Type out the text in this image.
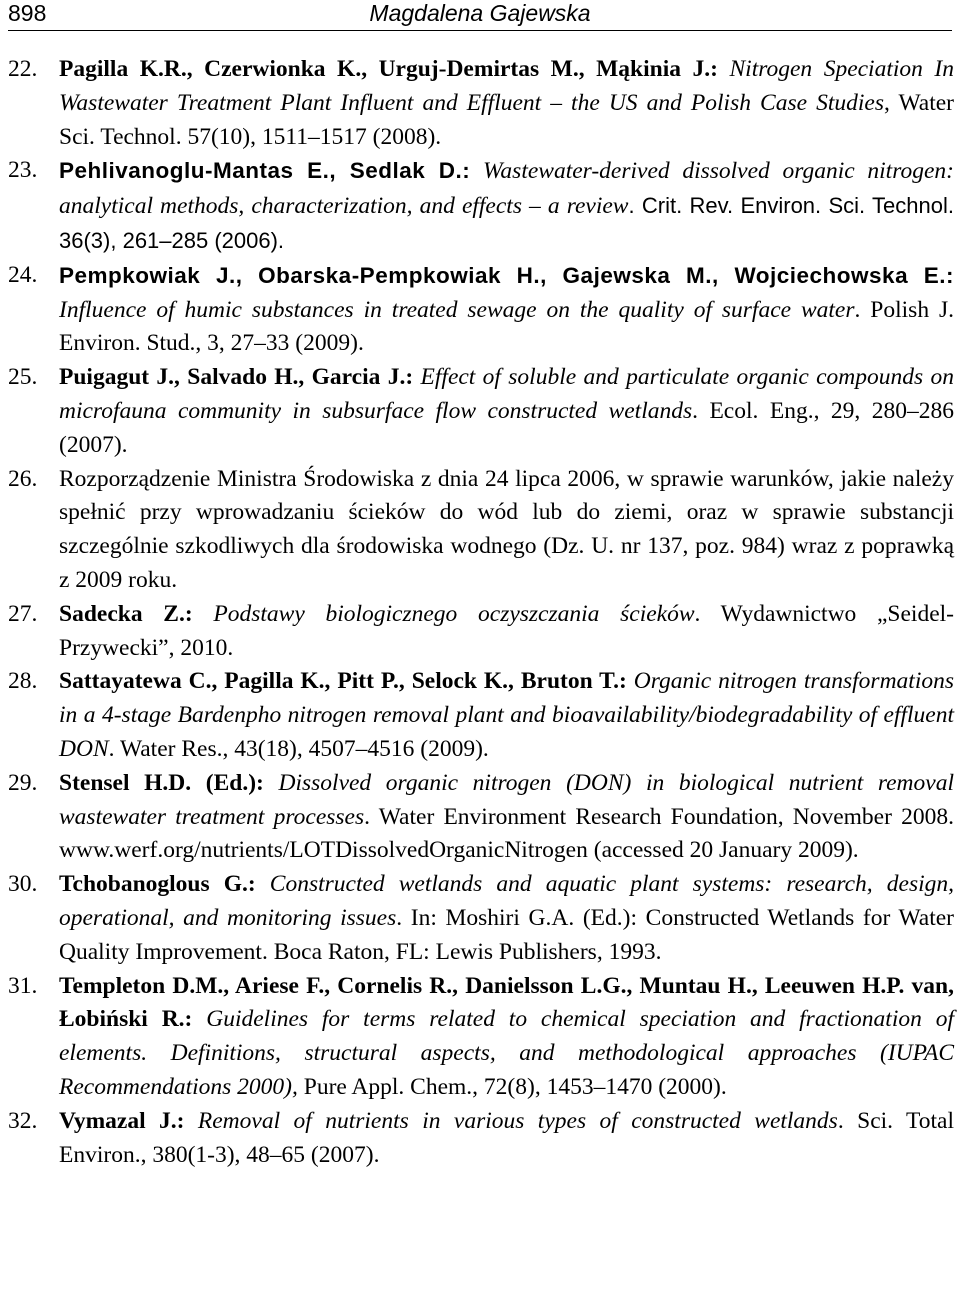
898	Magdalena Gajewska
22. Pagilla K.R., Czerwionka K., Urguj-Demirtas M., Mąkinia J.: Nitrogen Speciation In Wastewater Treatment Plant Influent and Effluent – the US and Polish Case Studies, Water Sci. Technol. 57(10), 1511–1517 (2008).
23. Pehlivanoglu-Mantas E., Sedlak D.: Wastewater-derived dissolved organic nitrogen: analytical methods, characterization, and effects – a review. Crit. Rev. Environ. Sci. Technol. 36(3), 261–285 (2006).
24. Pempkowiak J., Obarska-Pempkowiak H., Gajewska M., Wojciechowska E.: Influence of humic substances in treated sewage on the quality of surface water. Polish J. Environ. Stud., 3, 27–33 (2009).
25. Puigagut J., Salvado H., Garcia J.: Effect of soluble and particulate organic compounds on microfauna community in subsurface flow constructed wetlands. Ecol. Eng., 29, 280–286 (2007).
26. Rozporządzenie Ministra Środowiska z dnia 24 lipca 2006, w sprawie warunków, jakie należy spełnić przy wprowadzaniu ścieków do wód lub do ziemi, oraz w sprawie substancji szczególnie szkodliwych dla środowiska wodnego (Dz. U. nr 137, poz. 984) wraz z poprawką z 2009 roku.
27. Sadecka Z.: Podstawy biologicznego oczyszczania ścieków. Wydawnictwo „Seidel-Przywecki”, 2010.
28. Sattayatewa C., Pagilla K., Pitt P., Selock K., Bruton T.: Organic nitrogen transformations in a 4-stage Bardenpho nitrogen removal plant and bioavailability/biodegradability of effluent DON. Water Res., 43(18), 4507–4516 (2009).
29. Stensel H.D. (Ed.): Dissolved organic nitrogen (DON) in biological nutrient removal wastewater treatment processes. Water Environment Research Foundation, November 2008. www.werf.org/nutrients/LOTDissolvedOrganicNitrogen (accessed 20 January 2009).
30. Tchobanoglous G.: Constructed wetlands and aquatic plant systems: research, design, operational, and monitoring issues. In: Moshiri G.A. (Ed.): Constructed Wetlands for Water Quality Improvement. Boca Raton, FL: Lewis Publishers, 1993.
31. Templeton D.M., Ariese F., Cornelis R., Danielsson L.G., Muntau H., Leeuwen H.P. van, Łobiński R.: Guidelines for terms related to chemical speciation and fractionation of elements. Definitions, structural aspects, and methodological approaches (IUPAC Recommendations 2000), Pure Appl. Chem., 72(8), 1453–1470 (2000).
32. Vymazal J.: Removal of nutrients in various types of constructed wetlands. Sci. Total Environ., 380(1-3), 48–65 (2007).
